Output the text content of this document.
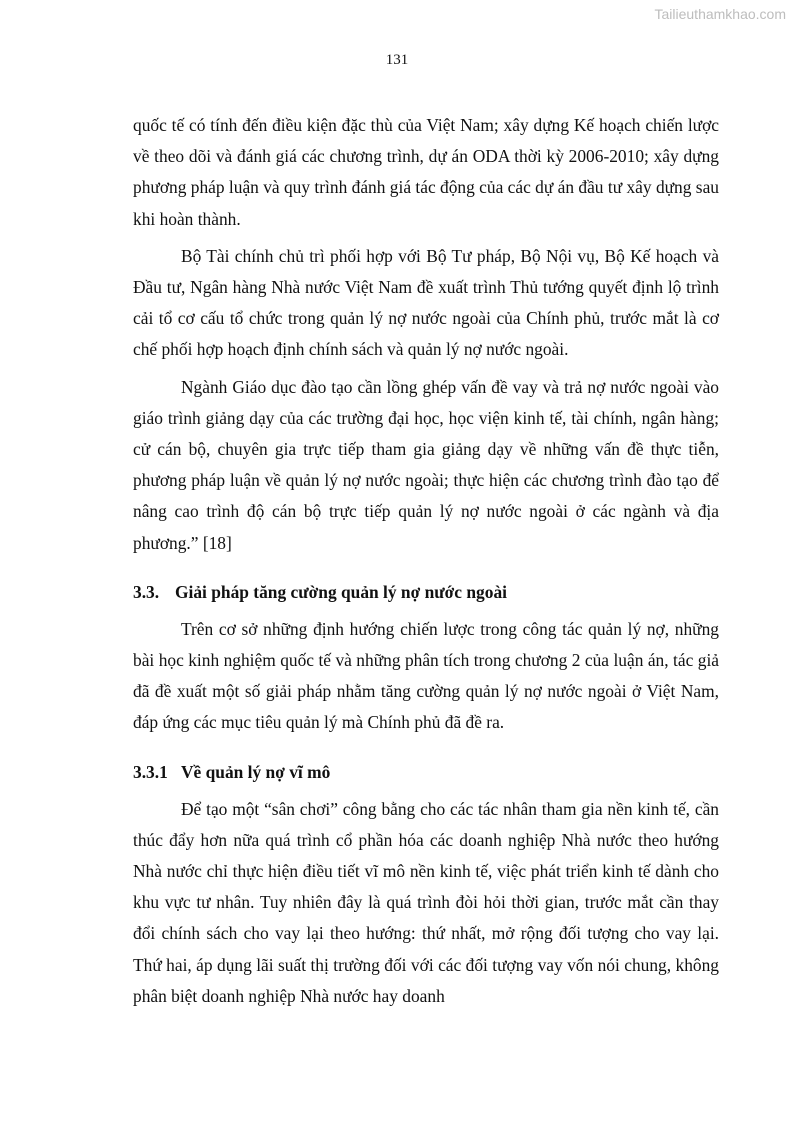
Tailieuthamkhao.com
131

quốc tế có tính đến điều kiện đặc thù của Việt Nam; xây dựng Kế hoạch chiến lược về theo dõi và đánh giá các chương trình, dự án ODA thời kỳ 2006-2010; xây dựng phương pháp luận và quy trình đánh giá tác động của các dự án đầu tư xây dựng sau khi hoàn thành.

Bộ Tài chính chủ trì phối hợp với Bộ Tư pháp, Bộ Nội vụ, Bộ Kế hoạch và Đầu tư, Ngân hàng Nhà nước Việt Nam đề xuất trình Thủ tướng quyết định lộ trình cải tổ cơ cấu tổ chức trong quản lý nợ nước ngoài của Chính phủ, trước mắt là cơ chế phối hợp hoạch định chính sách và quản lý nợ nước ngoài.

Ngành Giáo dục đào tạo cần lồng ghép vấn đề vay và trả nợ nước ngoài vào giáo trình giảng dạy của các trường đại học, học viện kinh tế, tài chính, ngân hàng; cử cán bộ, chuyên gia trực tiếp tham gia giảng dạy về những vấn đề thực tiễn, phương pháp luận về quản lý nợ nước ngoài; thực hiện các chương trình đào tạo để nâng cao trình độ cán bộ trực tiếp quản lý nợ nước ngoài ở các ngành và địa phương.” [18]

3.3. Giải pháp tăng cường quản lý nợ nước ngoài

Trên cơ sở những định hướng chiến lược trong công tác quản lý nợ, những bài học kinh nghiệm quốc tế và những phân tích trong chương 2 của luận án, tác giả đã đề xuất một số giải pháp nhằm tăng cường quản lý nợ nước ngoài ở Việt Nam, đáp ứng các mục tiêu quản lý mà Chính phủ đã đề ra.

3.3.1 Về quản lý nợ vĩ mô

Để tạo một “sân chơi” công bằng cho các tác nhân tham gia nền kinh tế, cần thúc đẩy hơn nữa quá trình cổ phần hóa các doanh nghiệp Nhà nước theo hướng Nhà nước chỉ thực hiện điều tiết vĩ mô nền kinh tế, việc phát triển kinh tế dành cho khu vực tư nhân. Tuy nhiên đây là quá trình đòi hỏi thời gian, trước mắt cần thay đổi chính sách cho vay lại theo hướng: thứ nhất, mở rộng đối tượng cho vay lại. Thứ hai, áp dụng lãi suất thị trường đối với các đối tượng vay vốn nói chung, không phân biệt doanh nghiệp Nhà nước hay doanh
